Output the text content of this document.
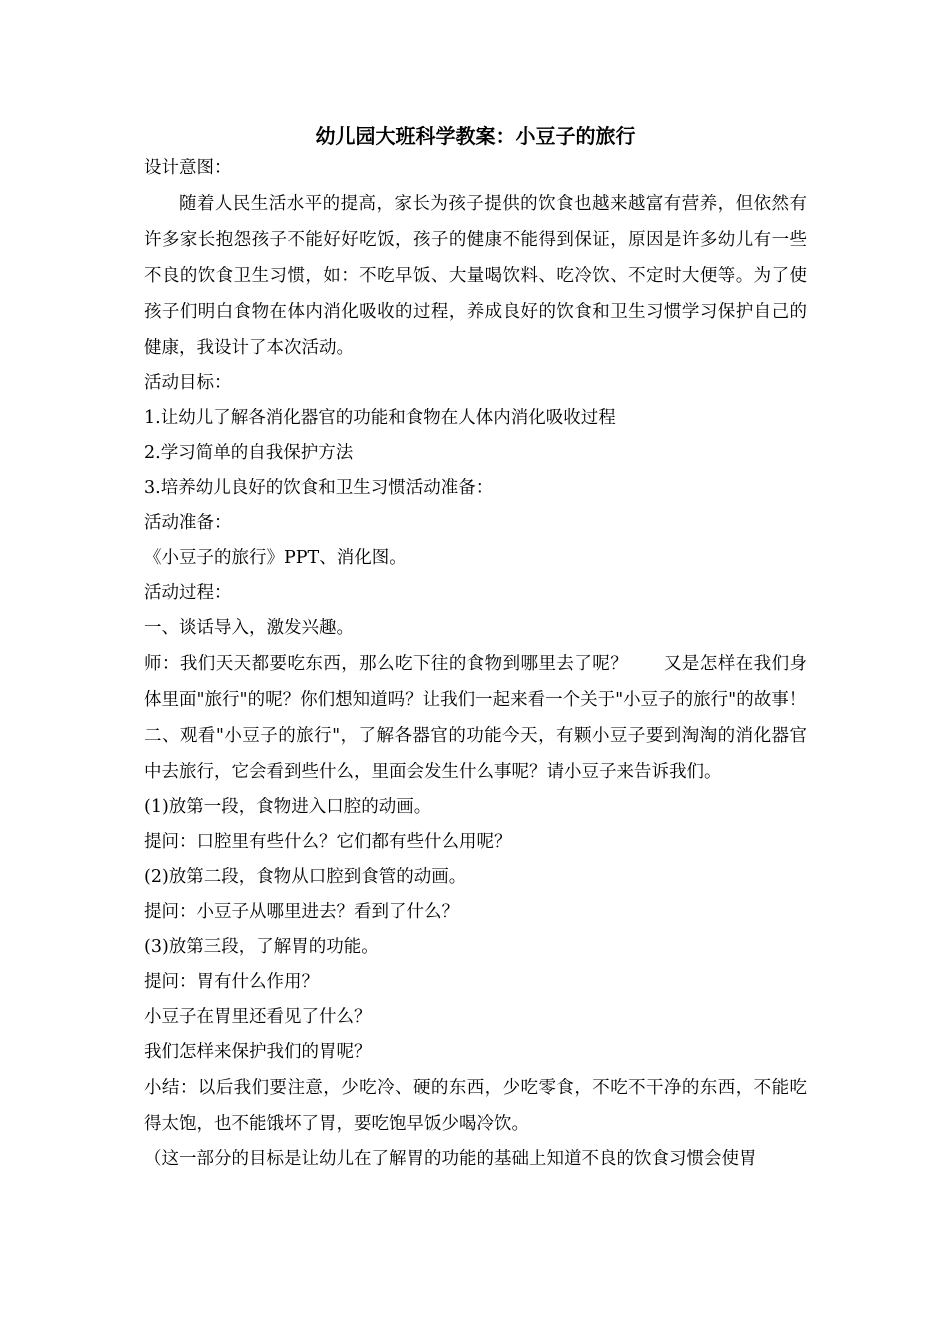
幼儿园大班科学教案：小豆子的旅行

设计意图：

随着人民生活水平的提高，家长为孩子提供的饮食也越来越富有营养，但依然有许多家长抱怨孩子不能好好吃饭，孩子的健康不能得到保证，原因是许多幼儿有一些不良的饮食卫生习惯，如：不吃早饭、大量喝饮料、吃冷饮、不定时大便等。为了使孩子们明白食物在体内消化吸收的过程，养成良好的饮食和卫生习惯学习保护自己的健康，我设计了本次活动。

活动目标：

1.让幼儿了解各消化器官的功能和食物在人体内消化吸收过程

2.学习简单的自我保护方法

3.培养幼儿良好的饮食和卫生习惯活动准备：

活动准备：

《小豆子的旅行》PPT、消化图。

活动过程：

一、谈话导入，激发兴趣。

师：我们天天都要吃东西，那么吃下往的食物到哪里去了呢？　　又是怎样在我们身体里面"旅行"的呢？你们想知道吗？让我们一起来看一个关于"小豆子的旅行"的故事！

二、观看"小豆子的旅行"，了解各器官的功能今天，有颗小豆子要到淘淘的消化器官中去旅行，它会看到些什么，里面会发生什么事呢？请小豆子来告诉我们。

(1)放第一段，食物进入口腔的动画。

提问：口腔里有些什么？它们都有些什么用呢？

(2)放第二段，食物从口腔到食管的动画。

提问：小豆子从哪里进去？看到了什么？

(3)放第三段，了解胃的功能。

提问：胃有什么作用？

小豆子在胃里还看见了什么？

我们怎样来保护我们的胃呢？

小结：以后我们要注意，少吃冷、硬的东西，少吃零食，不吃不干净的东西，不能吃得太饱，也不能饿坏了胃，要吃饱早饭少喝冷饮。

（这一部分的目标是让幼儿在了解胃的功能的基础上知道不良的饮食习惯会使胃
